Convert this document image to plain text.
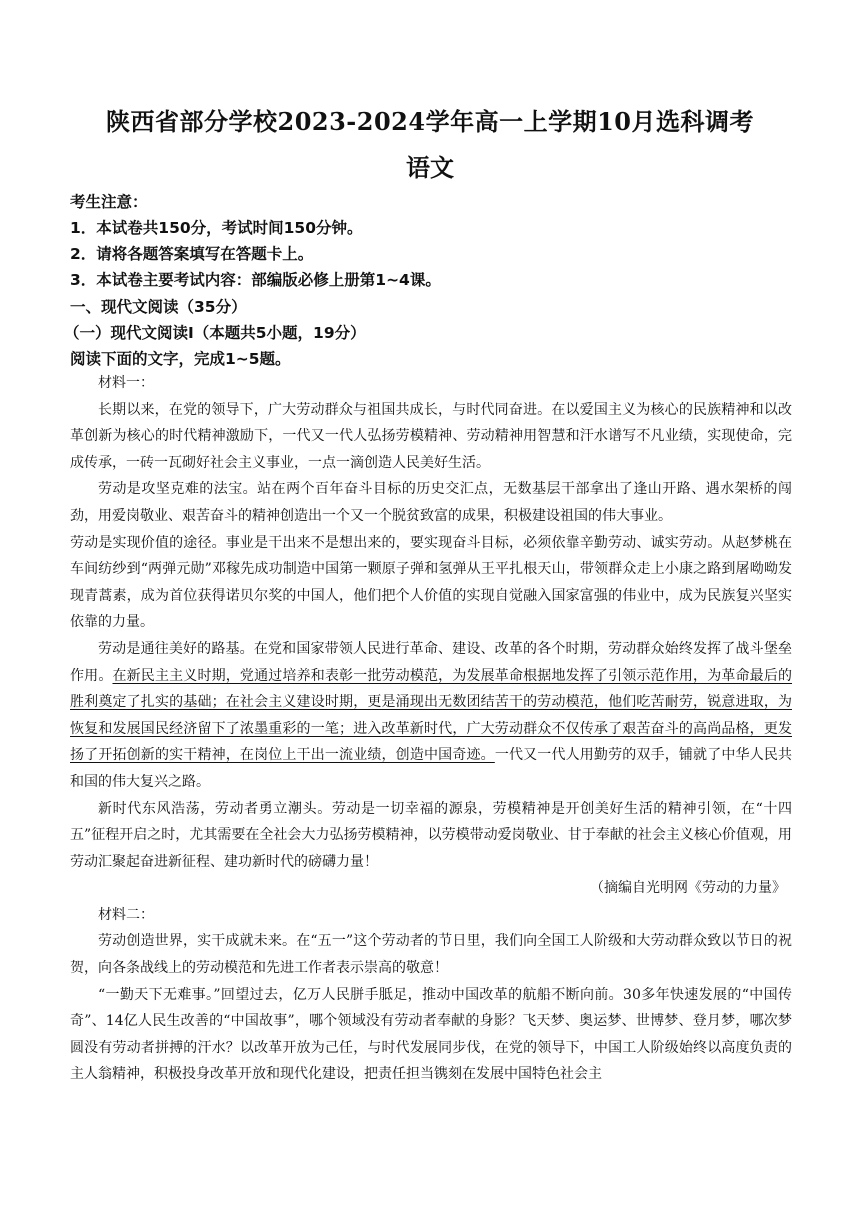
陕西省部分学校2023-2024学年高一上学期10月选科调考
语文
考生注意：
1．本试卷共150分，考试时间150分钟。
2．请将各题答案填写在答题卡上。
3．本试卷主要考试内容：部编版必修上册第1~4课。
一、现代文阅读（35分）
（一）现代文阅读Ⅰ（本题共5小题，19分）
阅读下面的文字，完成1~5题。

材料一：

长期以来，在党的领导下，广大劳动群众与祖国共成长，与时代同奋进。在以爱国主义为核心的民族精神和以改革创新为核心的时代精神激励下，一代又一代人弘扬劳模精神、劳动精神用智慧和汗水谱写不凡业绩，实现使命，完成传承，一砖一瓦砌好社会主义事业，一点一滴创造人民美好生活。

劳动是攻坚克难的法宝。站在两个百年奋斗目标的历史交汇点，无数基层干部拿出了逢山开路、遇水架桥的闯劲，用爱岗敬业、艰苦奋斗的精神创造出一个又一个脱贫致富的成果，积极建设祖国的伟大事业。

劳动是实现价值的途径。事业是干出来不是想出来的，要实现奋斗目标，必须依靠辛勤劳动、诚实劳动。从赵梦桃在车间纺纱到“两弹元勋”邓稼先成功制造中国第一颗原子弹和氢弹从王平扎根天山，带领群众走上小康之路到屠呦呦发现青蒿素，成为首位获得诺贝尔奖的中国人，他们把个人价值的实现自觉融入国家富强的伟业中，成为民族复兴坚实依靠的力量。

劳动是通往美好的路基。在党和国家带领人民进行革命、建设、改革的各个时期，劳动群众始终发挥了战斗堡垒作用。在新民主主义时期，党通过培养和表彰一批劳动模范，为发展革命根据地发挥了引领示范作用，为革命最后的胜利奠定了扎实的基础；在社会主义建设时期，更是涌现出无数团结苦干的劳动模范，他们吃苦耐劳，锐意进取，为恢复和发展国民经济留下了浓墨重彩的一笔；进入改革新时代，广大劳动群众不仅传承了艰苦奋斗的高尚品格，更发扬了开拓创新的实干精神，在岗位上干出一流业绩，创造中国奇迹。一代又一代人用勤劳的双手，铺就了中华人民共和国的伟大复兴之路。

新时代东风浩荡，劳动者勇立潮头。劳动是一切幸福的源泉，劳模精神是开创美好生活的精神引领，在“十四五”征程开启之时，尤其需要在全社会大力弘扬劳模精神，以劳模带动爱岗敬业、甘于奉献的社会主义核心价值观，用劳动汇聚起奋进新征程、建功新时代的磅礴力量！

（摘编自光明网《劳动的力量》

材料二：

劳动创造世界，实干成就未来。在“五一”这个劳动者的节日里，我们向全国工人阶级和大劳动群众致以节日的祝贺，向各条战线上的劳动模范和先进工作者表示崇高的敬意！

“一勤天下无难事。”回望过去，亿万人民胼手胝足，推动中国改革的航船不断向前。30多年快速发展的“中国传奇”、14亿人民生改善的“中国故事”，哪个领域没有劳动者奉献的身影？飞天梦、奥运梦、世博梦、登月梦，哪次梦圆没有劳动者拼搏的汗水？以改革开放为己任，与时代发展同步伐，在党的领导下，中国工人阶级始终以高度负责的主人翁精神，积极投身改革开放和现代化建设，把责任担当镌刻在发展中国特色社会主
